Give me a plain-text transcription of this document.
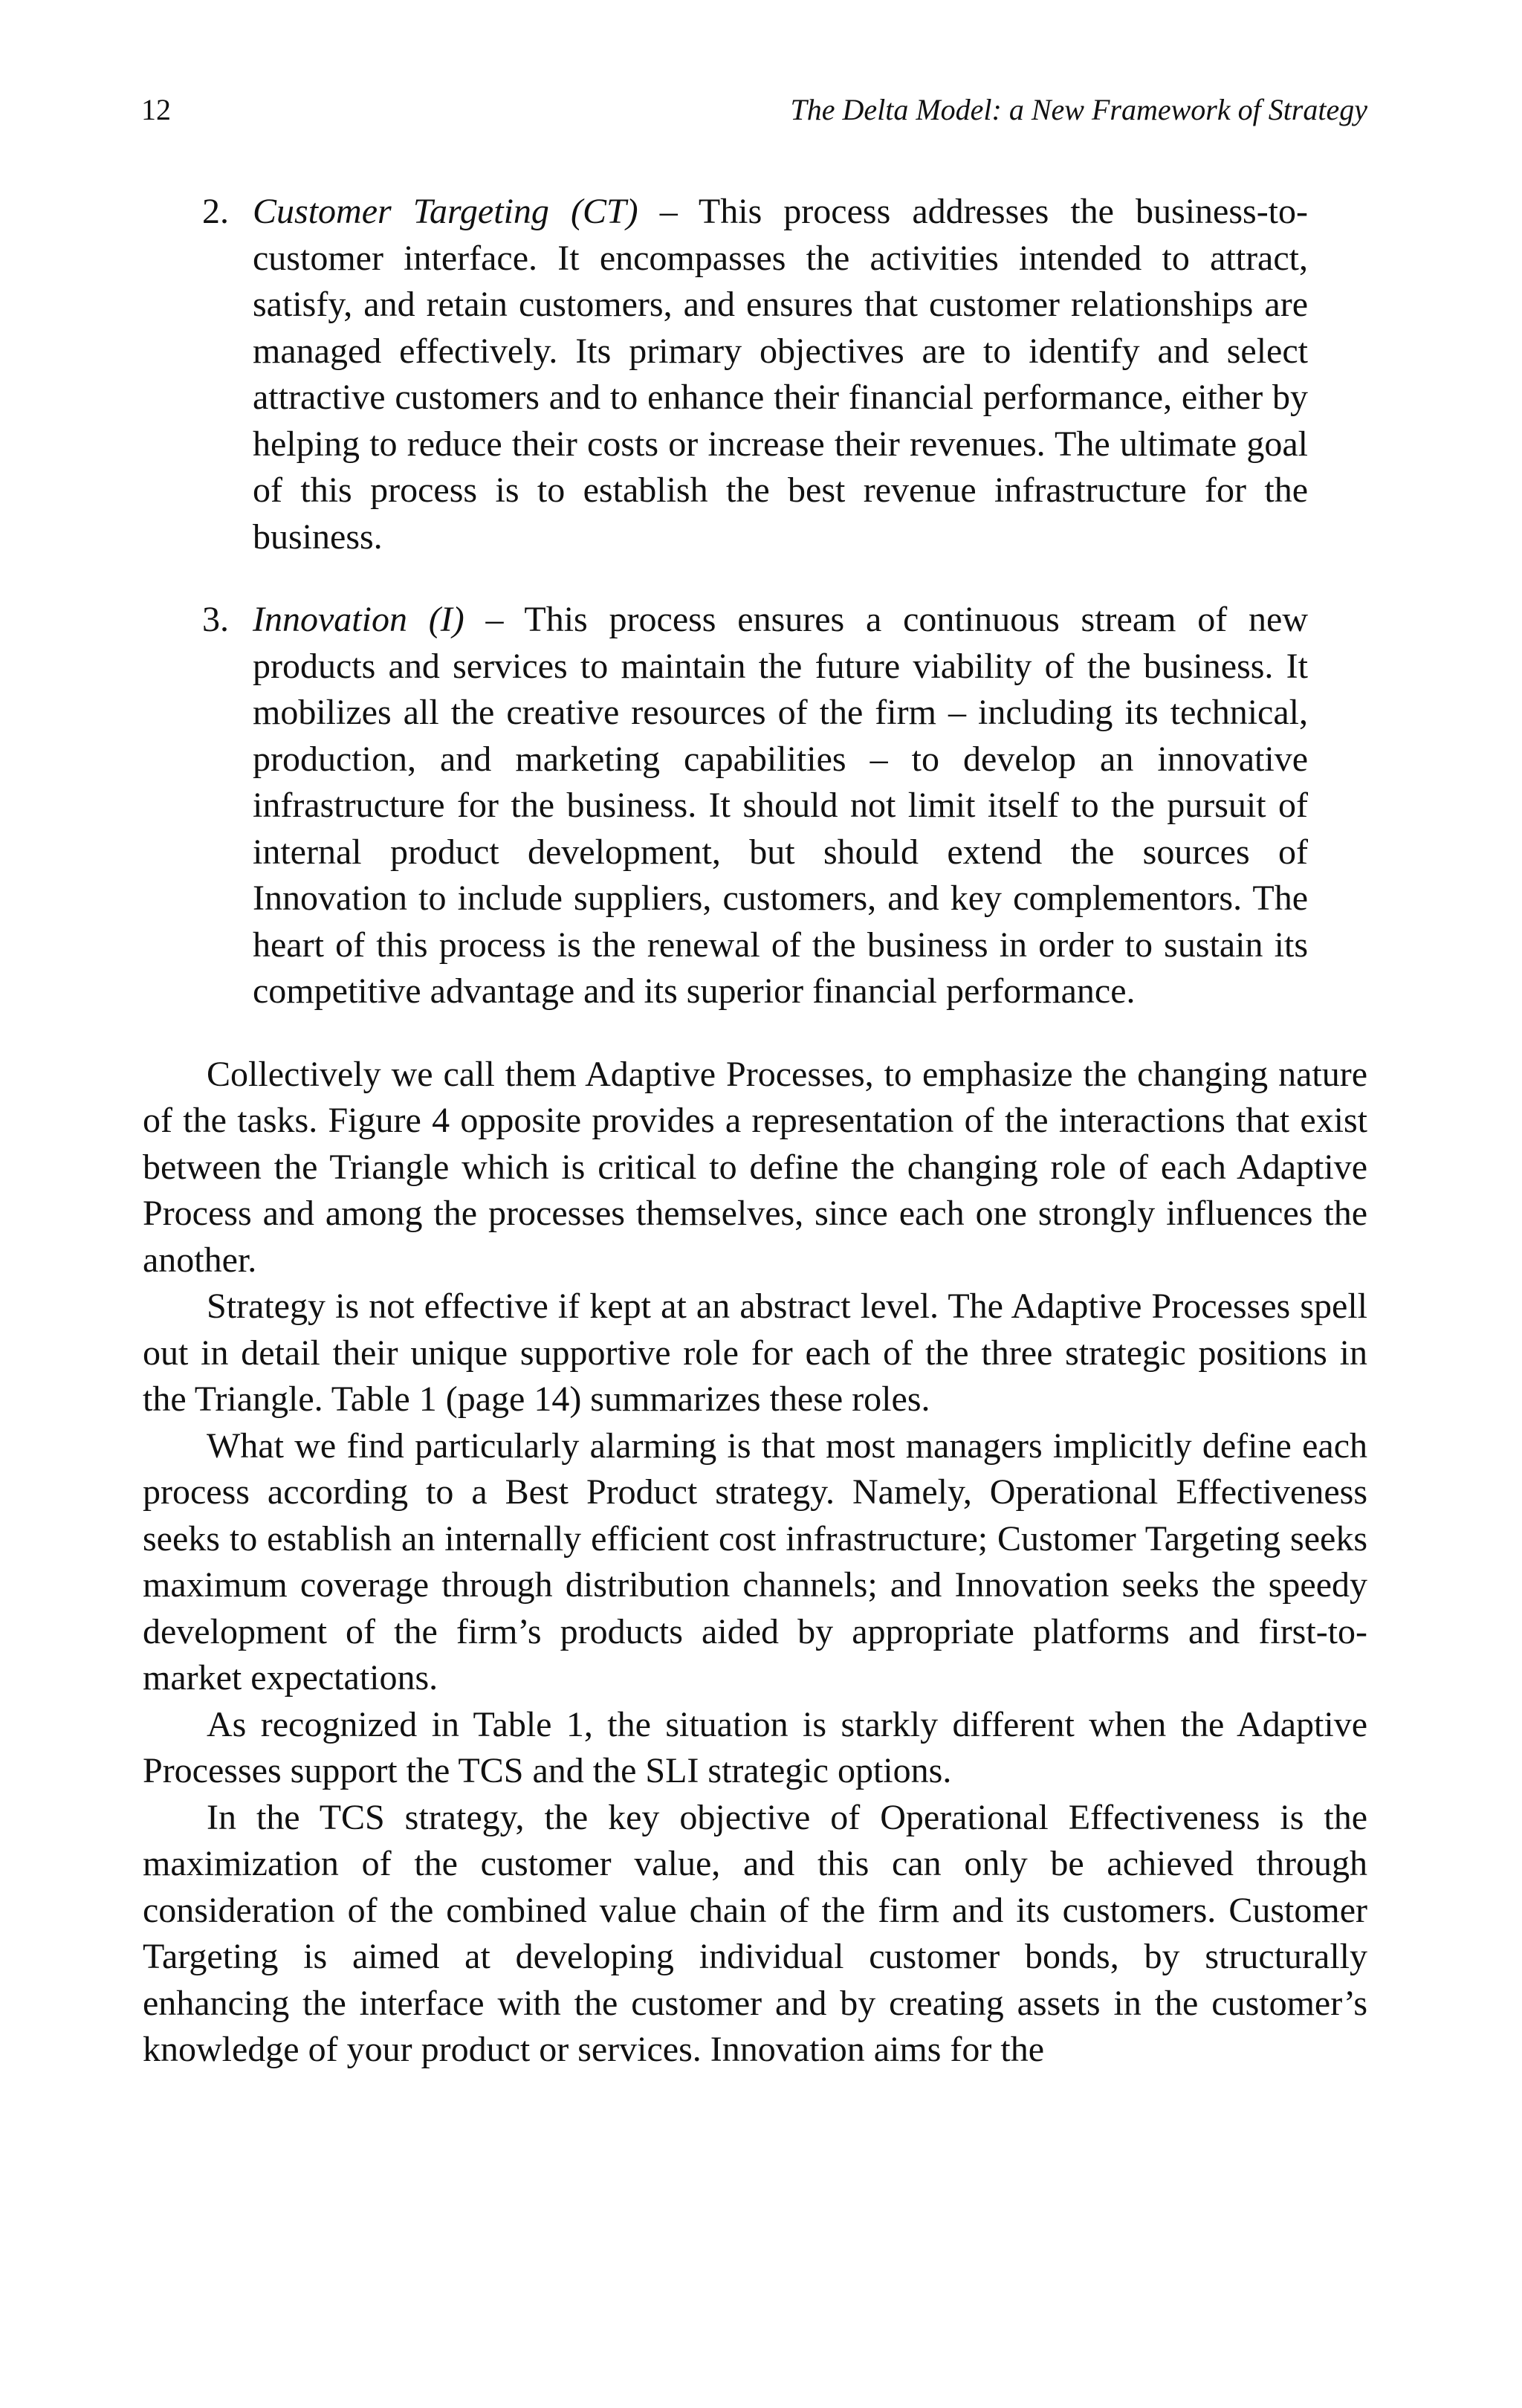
12	The Delta Model: a New Framework of Strategy
2. Customer Targeting (CT) – This process addresses the business-to-customer interface. It encompasses the activities intended to attract, satisfy, and retain customers, and ensures that customer relationships are managed effectively. Its primary objectives are to identify and select attractive customers and to enhance their financial performance, either by helping to reduce their costs or increase their revenues. The ultimate goal of this process is to establish the best revenue infrastructure for the business.
3. Innovation (I) – This process ensures a continuous stream of new products and services to maintain the future viability of the business. It mobilizes all the creative resources of the firm – including its technical, production, and marketing capabilities – to develop an innovative infrastructure for the business. It should not limit itself to the pursuit of internal product development, but should extend the sources of Innovation to include suppliers, customers, and key complementors. The heart of this process is the renewal of the business in order to sustain its competitive advantage and its superior financial performance.

Collectively we call them Adaptive Processes, to emphasize the changing nature of the tasks. Figure 4 opposite provides a representation of the interactions that exist between the Triangle which is critical to define the changing role of each Adaptive Process and among the processes themselves, since each one strongly influences the another.

Strategy is not effective if kept at an abstract level. The Adaptive Processes spell out in detail their unique supportive role for each of the three strategic positions in the Triangle. Table 1 (page 14) summarizes these roles.

What we find particularly alarming is that most managers implicitly define each process according to a Best Product strategy. Namely, Operational Effectiveness seeks to establish an internally efficient cost infrastructure; Customer Targeting seeks maximum coverage through distribution channels; and Innovation seeks the speedy development of the firm’s products aided by appropriate platforms and first-to-market expectations.

As recognized in Table 1, the situation is starkly different when the Adaptive Processes support the TCS and the SLI strategic options.

In the TCS strategy, the key objective of Operational Effectiveness is the maximization of the customer value, and this can only be achieved through consideration of the combined value chain of the firm and its customers. Customer Targeting is aimed at developing individual customer bonds, by structurally enhancing the interface with the customer and by creating assets in the customer’s knowledge of your product or services. Innovation aims for the
